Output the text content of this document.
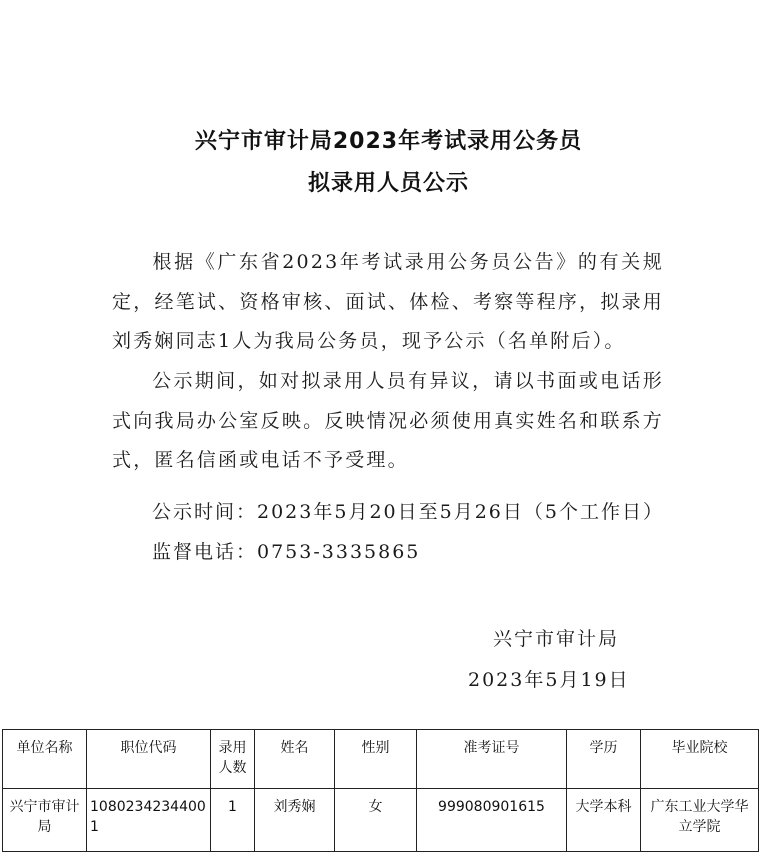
兴宁市审计局2023年考试录用公务员
拟录用人员公示
根据《广东省2023年考试录用公务员公告》的有关规定，经笔试、资格审核、面试、体检、考察等程序，拟录用刘秀娴同志1人为我局公务员，现予公示（名单附后）。
公示期间，如对拟录用人员有异议，请以书面或电话形式向我局办公室反映。反映情况必须使用真实姓名和联系方式，匿名信函或电话不予受理。
公示时间：2023年5月20日至5月26日（5个工作日）
监督电话：0753-3335865
兴宁市审计局
2023年5月19日
单位名称	职位代码	录用人数	姓名	性别	准考证号	学历	毕业院校
兴宁市审计局	10802342344001	1	刘秀娴	女	999080901615	大学本科	广东工业大学华立学院
